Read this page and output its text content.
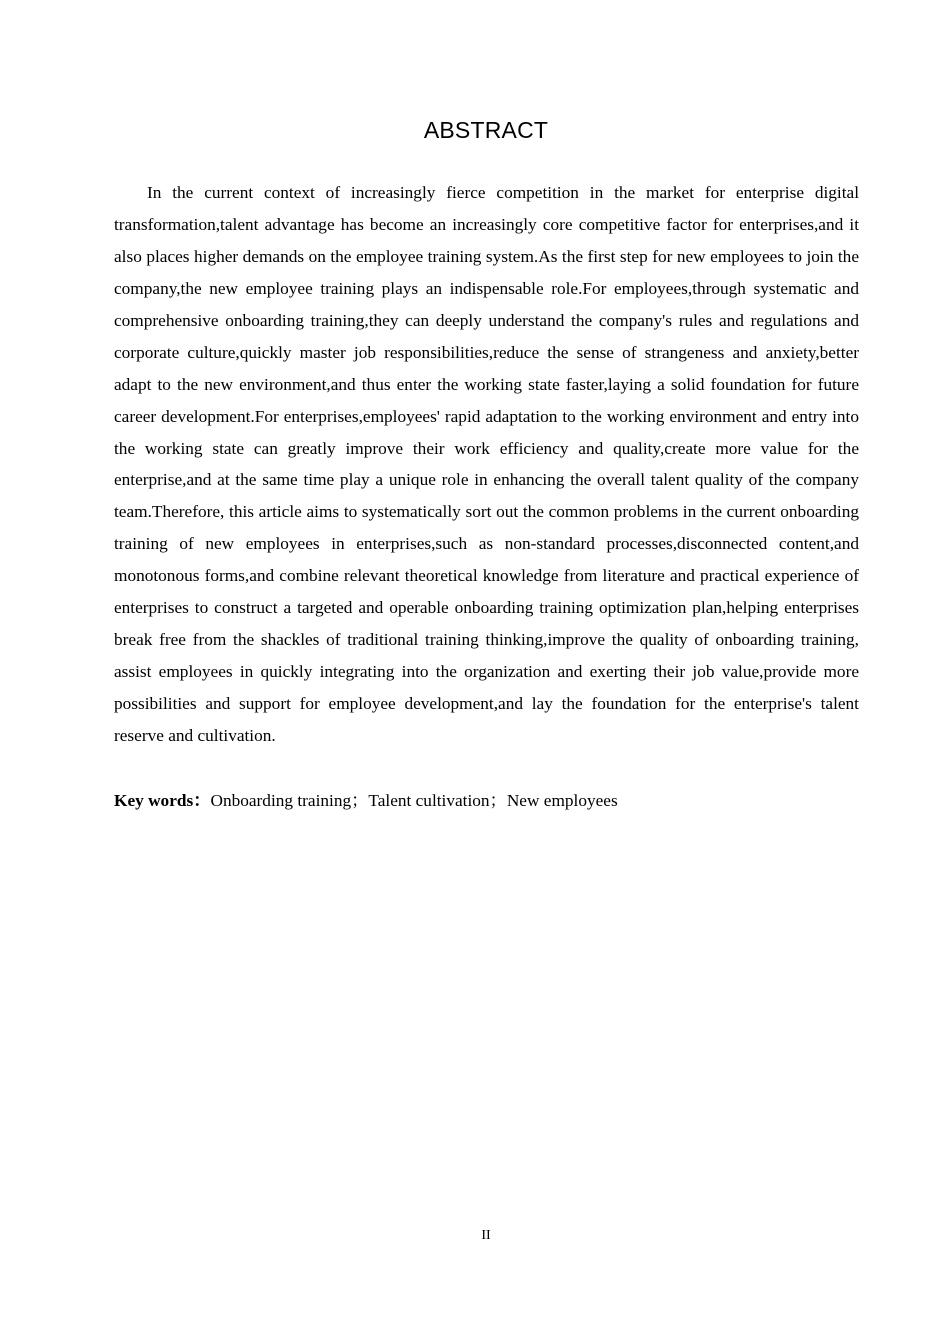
ABSTRACT

In the current context of increasingly fierce competition in the market for enterprise digital transformation,talent advantage has become an increasingly core competitive factor for enterprises,and it also places higher demands on the employee training system.As the first step for new employees to join the company,the new employee training plays an indispensable role.For employees,through systematic and comprehensive onboarding training,they can deeply understand the company's rules and regulations and corporate culture,quickly master job responsibilities,reduce the sense of strangeness and anxiety,better adapt to the new environment,and thus enter the working state faster,laying a solid foundation for future career development.For enterprises,employees' rapid adaptation to the working environment and entry into the working state can greatly improve their work efficiency and quality,create more value for the enterprise,and at the same time play a unique role in enhancing the overall talent quality of the company team.Therefore, this article aims to systematically sort out the common problems in the current onboarding training of new employees in enterprises,such as non-standard processes,disconnected content,and monotonous forms,and combine relevant theoretical knowledge from literature and practical experience of enterprises to construct a targeted and operable onboarding training optimization plan,helping enterprises break free from the shackles of traditional training thinking,improve the quality of onboarding training, assist employees in quickly integrating into the organization and exerting their job value,provide more possibilities and support for employee development,and lay the foundation for the enterprise's talent reserve and cultivation.

Key words：Onboarding training；Talent cultivation；New employees
II
